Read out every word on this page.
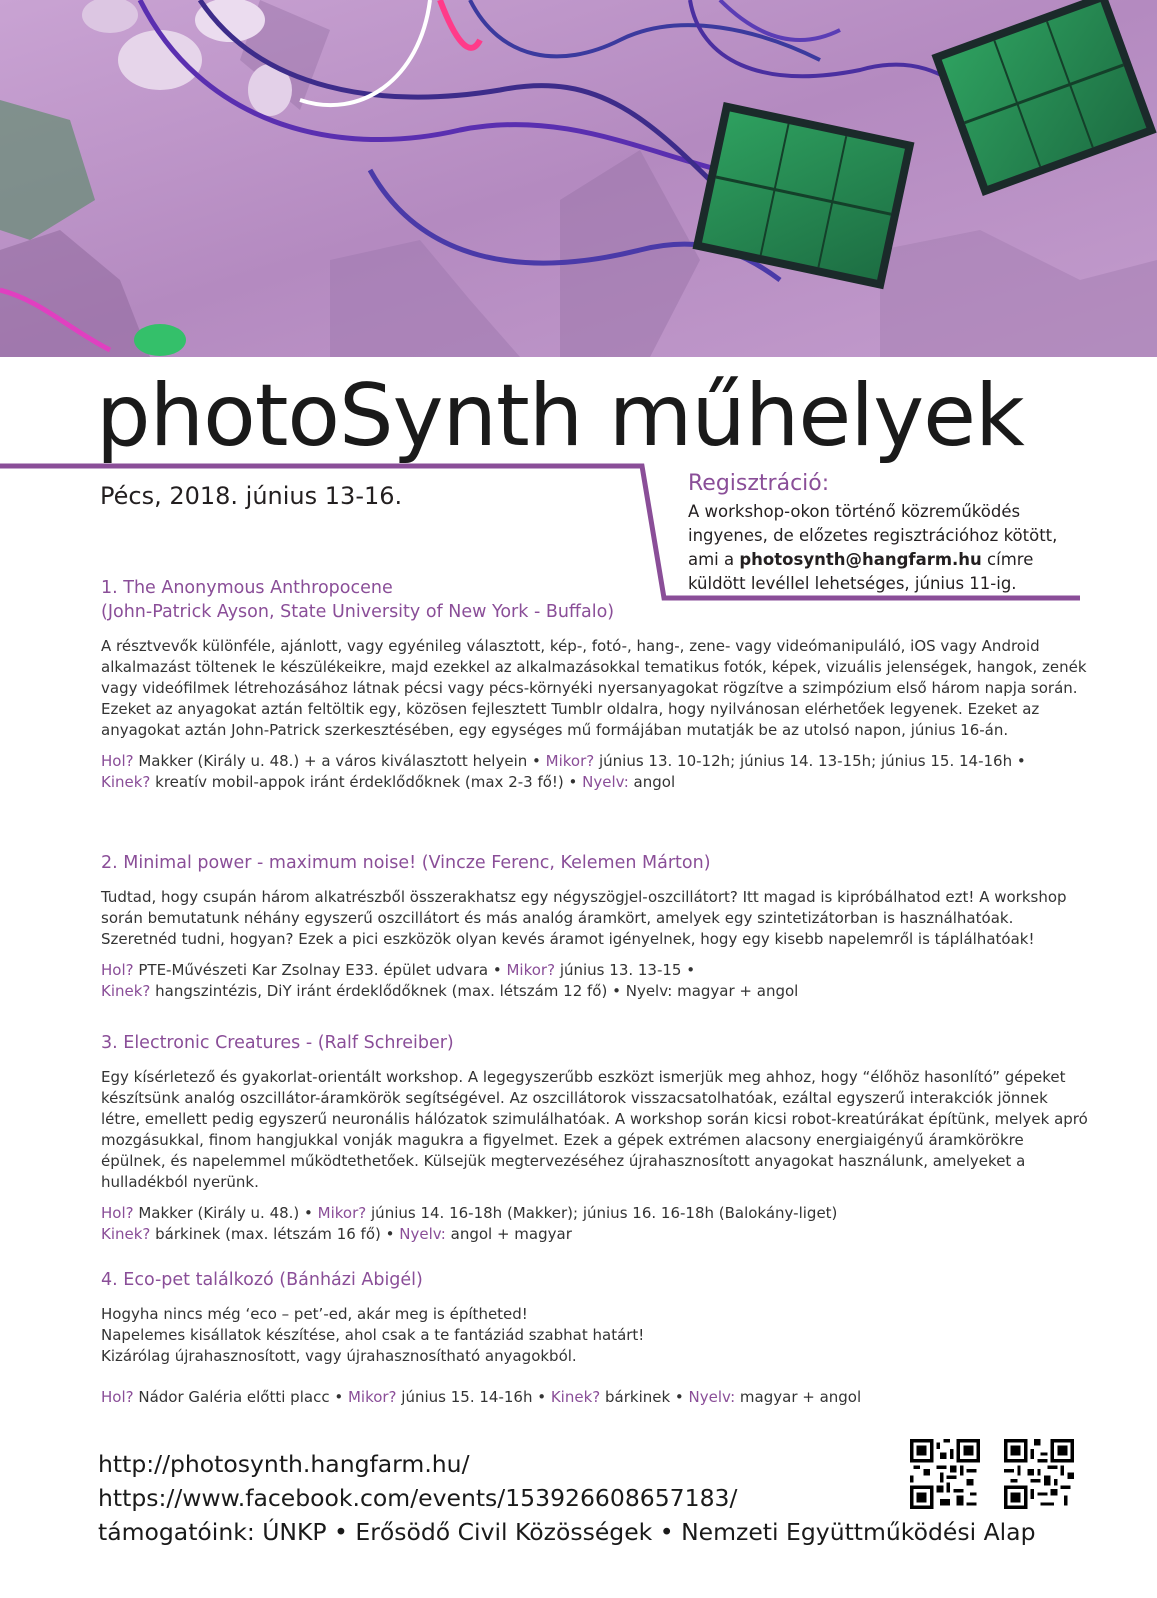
photoSynth műhelyek

Pécs, 2018. június 13-16.	Regisztráció:
A workshop-okon történő közreműködés ingyenes, de előzetes regisztrációhoz kötött, ami a photosynth@hangfarm.hu címre küldött levéllel lehetséges, június 11-ig.
1. The Anonymous Anthropocene
(John-Patrick Ayson, State University of New York - Buffalo)

A résztvevők különféle, ajánlott, vagy egyénileg választott, kép-, fotó-, hang-, zene- vagy videómanipuláló, iOS vagy Android alkalmazást töltenek le készülékeikre, majd ezekkel az alkalmazásokkal tematikus fotók, képek, vizuális jelenségek, hangok, zenék vagy videófilmek létrehozásához látnak pécsi vagy pécs-környéki nyersanyagokat rögzítve a szimpózium első három napja során. Ezeket az anyagokat aztán feltöltik egy, közösen fejlesztett Tumblr oldalra, hogy nyilvánosan elérhetőek legyenek. Ezeket az anyagokat aztán John-Patrick szerkesztésében, egy egységes mű formájában mutatják be az utolsó napon, június 16-án.

Hol? Makker (Király u. 48.) + a város kiválasztott helyein • Mikor? június 13. 10-12h; június 14. 13-15h; június 15. 14-16h •
Kinek? kreatív mobil-appok iránt érdeklődőknek (max 2-3 fő!) • Nyelv: angol
2. Minimal power - maximum noise! (Vincze Ferenc, Kelemen Márton)

Tudtad, hogy csupán három alkatrészből összerakhatsz egy négyszögjel-oszcillátort? Itt magad is kipróbálhatod ezt! A workshop során bemutatunk néhány egyszerű oszcillátort és más analóg áramkört, amelyek egy szintetizátorban is használhatóak. Szeretnéd tudni, hogyan? Ezek a pici eszközök olyan kevés áramot igényelnek, hogy egy kisebb napelemről is táplálhatóak!

Hol? PTE-Művészeti Kar Zsolnay E33. épület udvara • Mikor? június 13. 13-15 •
Kinek? hangszintézis, DiY iránt érdeklődőknek (max. létszám 12 fő) • Nyelv: magyar + angol
3. Electronic Creatures - (Ralf Schreiber)

Egy kísérletező és gyakorlat-orientált workshop. A legegyszerűbb eszközt ismerjük meg ahhoz, hogy “élőhöz hasonlító” gépeket készítsünk analóg oszcillátor-áramkörök segítségével. Az oszcillátorok visszacsatolhatóak, ezáltal egyszerű interakciók jönnek létre, emellett pedig egyszerű neuronális hálózatok szimulálhatóak. A workshop során kicsi robot-kreatúrákat építünk, melyek apró mozgásukkal, finom hangjukkal vonják magukra a figyelmet. Ezek a gépek extrémen alacsony energiaigényű áramkörökre épülnek, és napelemmel működtethetőek. Külsejük megtervezéséhez újrahasznosított anyagokat használunk, amelyeket a hulladékból nyerünk.

Hol? Makker (Király u. 48.) • Mikor? június 14. 16-18h (Makker); június 16. 16-18h (Balokány-liget)
Kinek? bárkinek (max. létszám 16 fő) • Nyelv: angol + magyar
4. Eco-pet találkozó (Bánházi Abigél)

Hogyha nincs még ‘eco – pet’-ed, akár meg is építheted!
Napelemes kisállatok készítése, ahol csak a te fantáziád szabhat határt!
Kizárólag újrahasznosított, vagy újrahasznosítható anyagokból.

Hol? Nádor Galéria előtti placc • Mikor? június 15. 14-16h • Kinek? bárkinek • Nyelv: magyar + angol
http://photosynth.hangfarm.hu/
https://www.facebook.com/events/153926608657183/
támogatóink: ÚNKP • Erősödő Civil Közösségek • Nemzeti Együttműködési Alap
